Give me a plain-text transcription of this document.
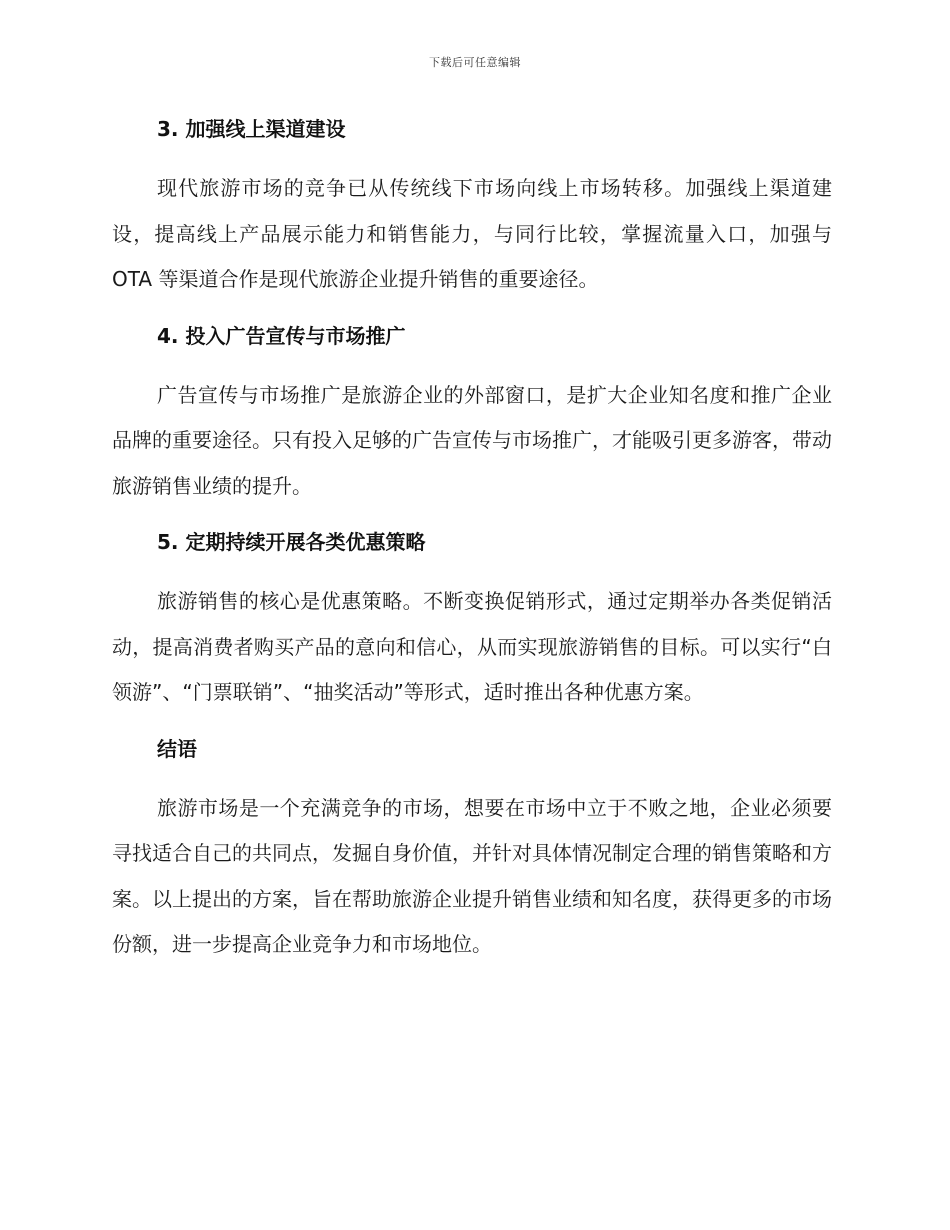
下载后可任意编辑
3. 加强线上渠道建设

现代旅游市场的竞争已从传统线下市场向线上市场转移。加强线上渠道建设，提高线上产品展示能力和销售能力，与同行比较，掌握流量入口，加强与 OTA 等渠道合作是现代旅游企业提升销售的重要途径。

4. 投入广告宣传与市场推广

广告宣传与市场推广是旅游企业的外部窗口，是扩大企业知名度和推广企业品牌的重要途径。只有投入足够的广告宣传与市场推广，才能吸引更多游客，带动旅游销售业绩的提升。

5. 定期持续开展各类优惠策略

旅游销售的核心是优惠策略。不断变换促销形式，通过定期举办各类促销活动，提高消费者购买产品的意向和信心，从而实现旅游销售的目标。可以实行“白领游”、“门票联销”、“抽奖活动”等形式，适时推出各种优惠方案。

结语

旅游市场是一个充满竞争的市场，想要在市场中立于不败之地，企业必须要寻找适合自己的共同点，发掘自身价值，并针对具体情况制定合理的销售策略和方案。以上提出的方案，旨在帮助旅游企业提升销售业绩和知名度，获得更多的市场份额，进一步提高企业竞争力和市场地位。
